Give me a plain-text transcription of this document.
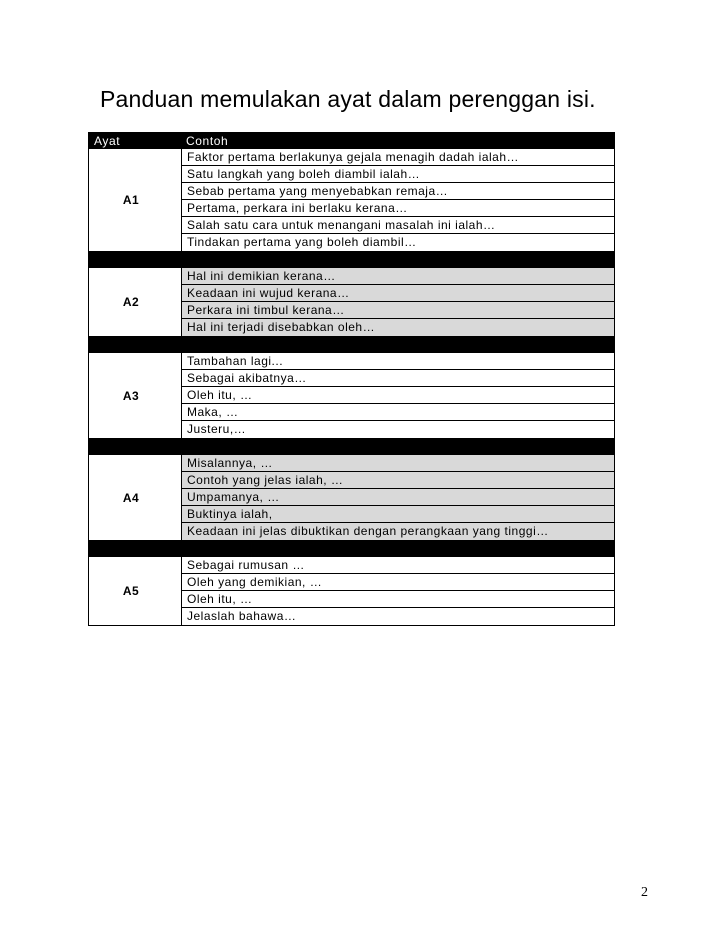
Panduan memulakan ayat dalam perenggan isi.
Ayat	Contoh
A1
Faktor pertama berlakunya gejala menagih dadah ialah…
Satu langkah yang boleh diambil ialah…
Sebab pertama yang menyebabkan remaja…
Pertama, perkara ini berlaku kerana…
Salah satu cara untuk menangani masalah ini ialah…
Tindakan pertama yang boleh diambil…
A2
Hal ini demikian kerana…
Keadaan ini wujud kerana…
Perkara ini timbul kerana…
Hal ini terjadi disebabkan oleh…
A3
Tambahan lagi...
Sebagai akibatnya…
Oleh itu, …
Maka, …
Justeru,…
A4
Misalannya, …
Contoh yang jelas ialah, …
Umpamanya, …
Buktinya ialah,
Keadaan ini jelas dibuktikan dengan perangkaan yang tinggi…
A5
Sebagai rumusan …
Oleh yang demikian, …
Oleh itu, …
Jelaslah bahawa…
2
